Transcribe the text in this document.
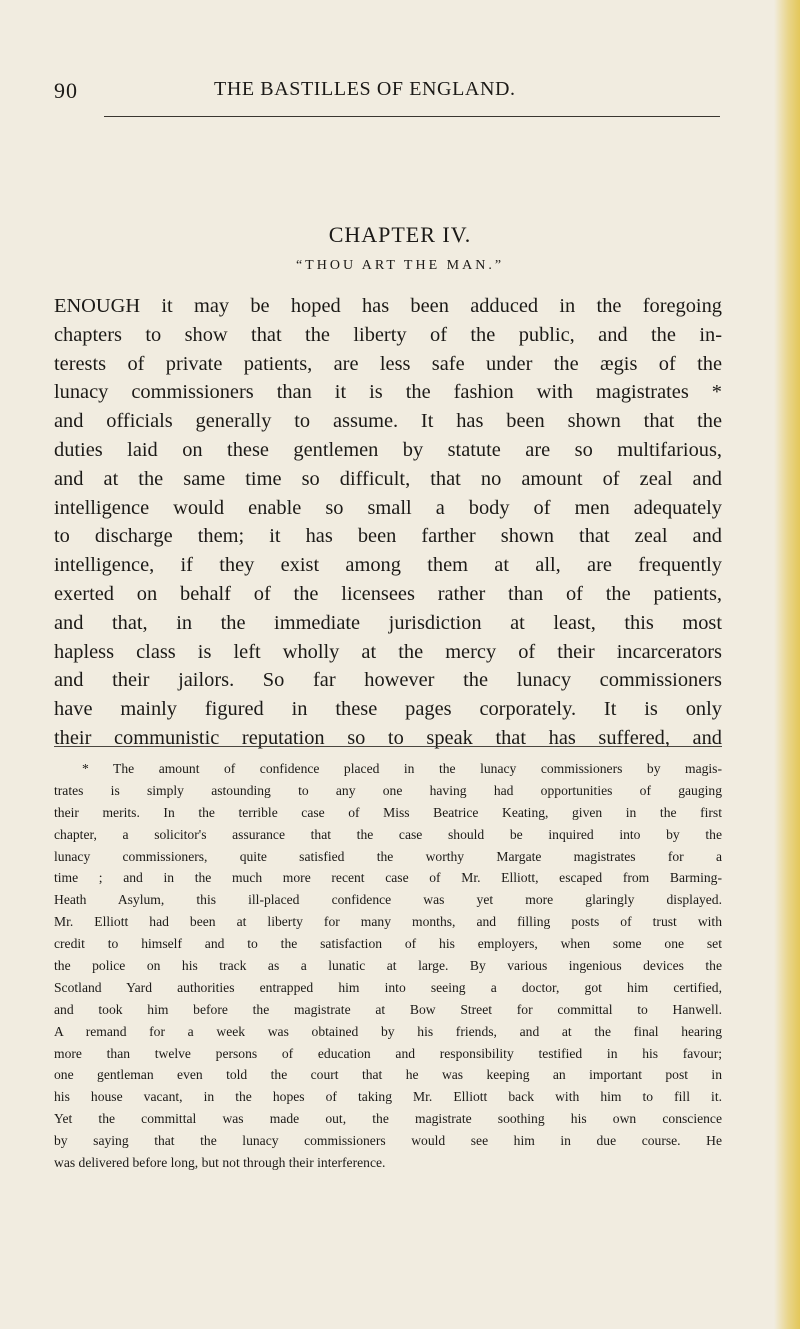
90	THE BASTILLES OF ENGLAND.
CHAPTER IV.
“THOU ART THE MAN.”
ENOUGH it may be hoped has been adduced in the foregoing
chapters to show that the liberty of the public, and the in-
terests of private patients, are less safe under the ægis of the
lunacy commissioners than it is the fashion with magistrates *
and officials generally to assume. It has been shown that the
duties laid on these gentlemen by statute are so multifarious,
and at the same time so difficult, that no amount of zeal and
intelligence would enable so small a body of men adequately
to discharge them; it has been farther shown that zeal and
intelligence, if they exist among them at all, are frequently
exerted on behalf of the licensees rather than of the patients,
and that, in the immediate jurisdiction at least, this most
hapless class is left wholly at the mercy of their incarcerators
and their jailors. So far however the lunacy commissioners
have mainly figured in these pages corporately. It is only
their communistic reputation so to speak that has suffered, and
* The amount of confidence placed in the lunacy commissioners by magis-
trates is simply astounding to any one having had opportunities of gauging
their merits. In the terrible case of Miss Beatrice Keating, given in the first
chapter, a solicitor's assurance that the case should be inquired into by the
lunacy commissioners, quite satisfied the worthy Margate magistrates for a
time ; and in the much more recent case of Mr. Elliott, escaped from Barming-
Heath Asylum, this ill-placed confidence was yet more glaringly displayed.
Mr. Elliott had been at liberty for many months, and filling posts of trust with
credit to himself and to the satisfaction of his employers, when some one set
the police on his track as a lunatic at large. By various ingenious devices the
Scotland Yard authorities entrapped him into seeing a doctor, got him certified,
and took him before the magistrate at Bow Street for committal to Hanwell.
A remand for a week was obtained by his friends, and at the final hearing
more than twelve persons of education and responsibility testified in his favour;
one gentleman even told the court that he was keeping an important post in
his house vacant, in the hopes of taking Mr. Elliott back with him to fill it.
Yet the committal was made out, the magistrate soothing his own conscience
by saying that the lunacy commissioners would see him in due course. He
was delivered before long, but not through their interference.
